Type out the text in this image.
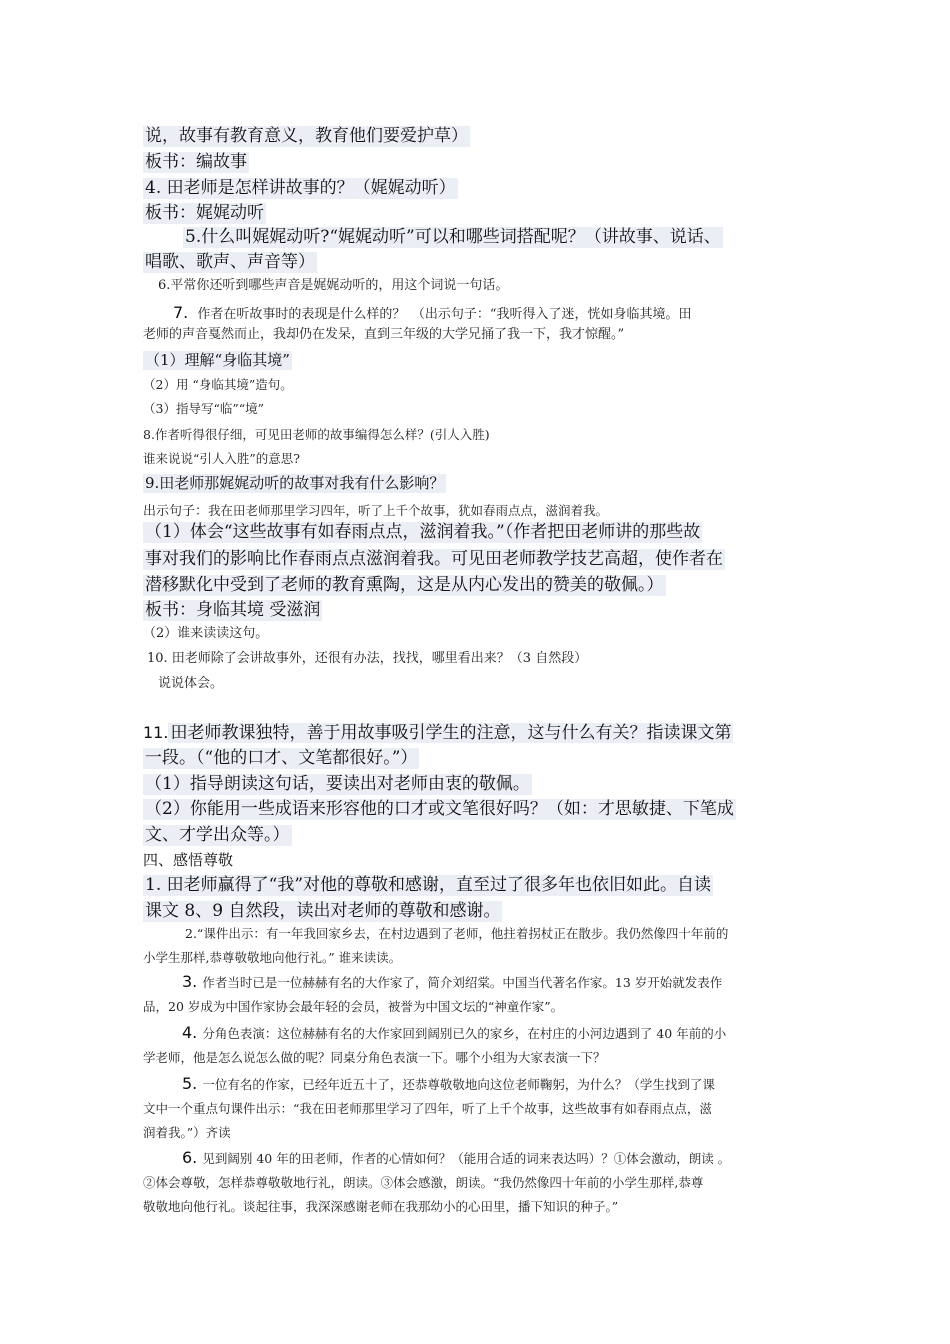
说，故事有教育意义，教育他们要爱护草）
板书：编故事
4. 田老师是怎样讲故事的？（娓娓动听）
板书：娓娓动听
5.什么叫娓娓动听?“娓娓动听”可以和哪些词搭配呢？（讲故事、说话、
唱歌、歌声、声音等）
6.平常你还听到哪些声音是娓娓动听的，用这个词说一句话。
7. 作者在听故事时的表现是什么样的？　（出示句子：“我听得入了迷，恍如身临其境。田
老师的声音戛然而止，我却仍在发呆，直到三年级的大学兄捅了我一下，我才惊醒。”
（1）理解“身临其境”
（2）用 “身临其境”造句。
（3）指导写“临”“境”
8.作者听得很仔细，可见田老师的故事编得怎么样？(引人入胜)
谁来说说“引人入胜”的意思?
9.田老师那娓娓动听的故事对我有什么影响？
出示句子：我在田老师那里学习四年，听了上千个故事，犹如春雨点点，滋润着我。
（1）体会“这些故事有如春雨点点，滋润着我。”（作者把田老师讲的那些故
事对我们的影响比作春雨点点滋润着我。可见田老师教学技艺高超，使作者在
潜移默化中受到了老师的教育熏陶，这是从内心发出的赞美的敬佩。）
板书：身临其境 受滋润
（2）谁来读读这句。
10. 田老师除了会讲故事外，还很有办法，找找，哪里看出来？（3 自然段）
说说体会。
11. 田老师教课独特，善于用故事吸引学生的注意，这与什么有关？指读课文第
一段。（“他的口才、文笔都很好。”）
（1）指导朗读这句话，要读出对老师由衷的敬佩。
（2）你能用一些成语来形容他的口才或文笔很好吗？（如：才思敏捷、下笔成
文、才学出众等。）
四、感悟尊敬
1. 田老师赢得了“我”对他的尊敬和感谢，直至过了很多年也依旧如此。自读
课文 8、9 自然段，读出对老师的尊敬和感谢。
2.“课件出示：有一年我回家乡去，在村边遇到了老师，他拄着拐杖正在散步。我仍然像四十年前的
小学生那样,恭尊敬敬地向他行礼。” 谁来读读。
3. 作者当时已是一位赫赫有名的大作家了，简介刘绍棠。中国当代著名作家。13 岁开始就发表作
品，20 岁成为中国作家协会最年轻的会员，被誉为中国文坛的“神童作家”。
4. 分角色表演：这位赫赫有名的大作家回到阔别已久的家乡，在村庄的小河边遇到了 40 年前的小
学老师，他是怎么说怎么做的呢？同桌分角色表演一下。哪个小组为大家表演一下？
5. 一位有名的作家，已经年近五十了，还恭尊敬敬地向这位老师鞠躬，为什么？（学生找到了课
文中一个重点句课件出示：“我在田老师那里学习了四年，听了上千个故事，这些故事有如春雨点点，滋
润着我。”）齐读
6. 见到阔别 40 年的田老师，作者的心情如何？（能用合适的词来表达吗）？①体会激动，朗读 。
②体会尊敬，怎样恭尊敬敬地行礼，朗读。③体会感激，朗读。“我仍然像四十年前的小学生那样,恭尊
敬敬地向他行礼。谈起往事，我深深感谢老师在我那幼小的心田里，播下知识的种子。”
